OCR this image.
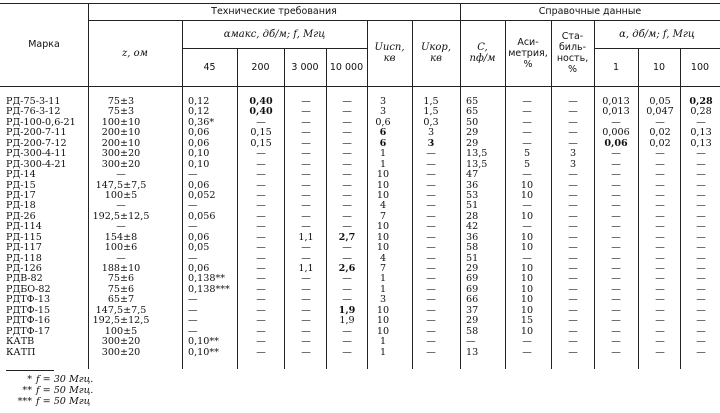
Марка
Технические требования	Справочные данные
z, ом
αмакс, дб/м; f, Мгц
Uисп, кв
Uкор, кв
C, пф/м
Аси-метрия, %
Ста-биль-ность, %
α, дб/м; f, Мгц
45	200	3 000	10 000	1	10	100
РД-75-3-11	75±3	0,12	0,40	—	—	3	1,5	65	—	—	0,013	0,05	0,28
РД-76-3-12	75±3	0,12	0,40	—	—	3	1,5	65	—	—	0,013	0,047	0,28
РД-100-0,6-21	100±10	0,36*	—	—	—	0,6	0,3	50	—	—	—	—	—
РД-200-7-11	200±10	0,06	0,15	—	—	6	3	29	—	—	0,006	0,02	0,13
РД-200-7-12	200±10	0,06	0,15	—	—	6	3	29	—	—	0,06	0,02	0,13
РД-300-4-11	300±20	0,10	—	—	—	1	—	13,5	5	3	—	—	—
РД-300-4-21	300±20	0,10	—	—	—	1	—	13,5	5	3	—	—	—
РД-14	—	—	—	—	—	10	—	47	—	—	—	—	—
РД-15	147,5±7,5	0,06	—	—	—	10	—	36	10	—	—	—	—
РД-17	100±5	0,052	—	—	—	10	—	53	10	—	—	—	—
РД-18	—	—	—	—	—	4	—	51	—	—	—	—	—
РД-26	192,5±12,5	0,056	—	—	—	7	—	28	10	—	—	—	—
РД-114	—	—	—	—	—	10	—	42	—	—	—	—	—
РД-115	154±8	0,06	—	1,1	2,7	10	—	36	10	—	—	—	—
РД-117	100±6	0,05	—	—	—	10	—	58	10	—	—	—	—
РД-118	—	—	—	—	—	4	—	51	—	—	—	—	—
РД-126	188±10	0,06	—	1,1	2,6	7	—	29	10	—	—	—	—
РДВ-82	75±6	0,138**	—	—	—	1	—	69	10	—	—	—	—
РДБО-82	75±6	0,138***	—	—	—	1	—	69	10	—	—	—	—
РДТФ-13	65±7	—	—	—	—	3	—	66	10	—	—	—	—
РДТФ-15	147,5±7,5	—	—	—	1,9	10	—	37	10	—	—	—	—
РДТФ-16	192,5±12,5	—	—	—	1,9	10	—	29	15	—	—	—	—
РДТФ-17	100±5	—	—	—	—	10	—	58	10	—	—	—	—
КАТВ	300±20	0,10**	—	—	—	1	—	—	—	—	—	—	—
КАТП	300±20	0,10**	—	—	—	1	—	13	—	—	—	—	—
* f = 30 Мгц.
** f = 50 Мгц.
*** f = 50 Мгц
